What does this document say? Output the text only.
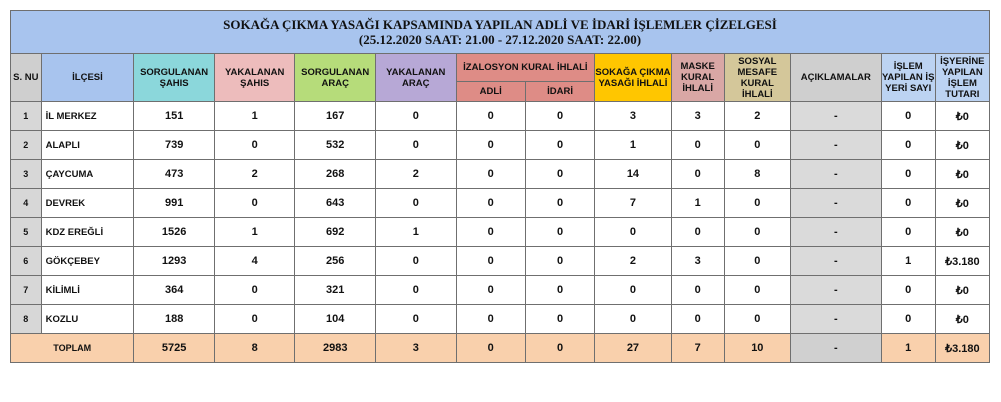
SOKAĞA ÇIKMA YASAĞI KAPSAMINDA YAPILAN ADLİ VE İDARİ İŞLEMLER ÇİZELGESİ
(25.12.2020 SAAT: 21.00 - 27.12.2020 SAAT: 22.00)													

S. NU	İLÇESİ	SORGULANAN ŞAHIS	YAKALANAN ŞAHIS	SORGULANAN ARAÇ	YAKALANAN ARAÇ	İZALOSYON KURAL İHLALİ		SOKAĞA ÇIKMA YASAĞI İHLALİ	MASKE KURAL İHLALİ	SOSYAL MESAFE KURAL İHLALİ	AÇIKLAMALAR	İŞLEM YAPILAN İŞ YERİ SAYI	İŞYERİNE YAPILAN İŞLEM TUTARI
						ADLİ	İDARİ						
1	İL MERKEZ	151	1	167	0	0	0	3	3	2	-	0	₺0
2	ALAPLI	739	0	532	0	0	0	1	0	0	-	0	₺0
3	ÇAYCUMA	473	2	268	2	0	0	14	0	8	-	0	₺0
4	DEVREK	991	0	643	0	0	0	7	1	0	-	0	₺0
5	KDZ EREĞLİ	1526	1	692	1	0	0	0	0	0	-	0	₺0
6	GÖKÇEBEY	1293	4	256	0	0	0	2	3	0	-	1	₺3.180
7	KİLİMLİ	364	0	321	0	0	0	0	0	0	-	0	₺0
8	KOZLU	188	0	104	0	0	0	0	0	0	-	0	₺0
TOPLAM		5725	8	2983	3	0	0	27	7	10	-	1	₺3.180
